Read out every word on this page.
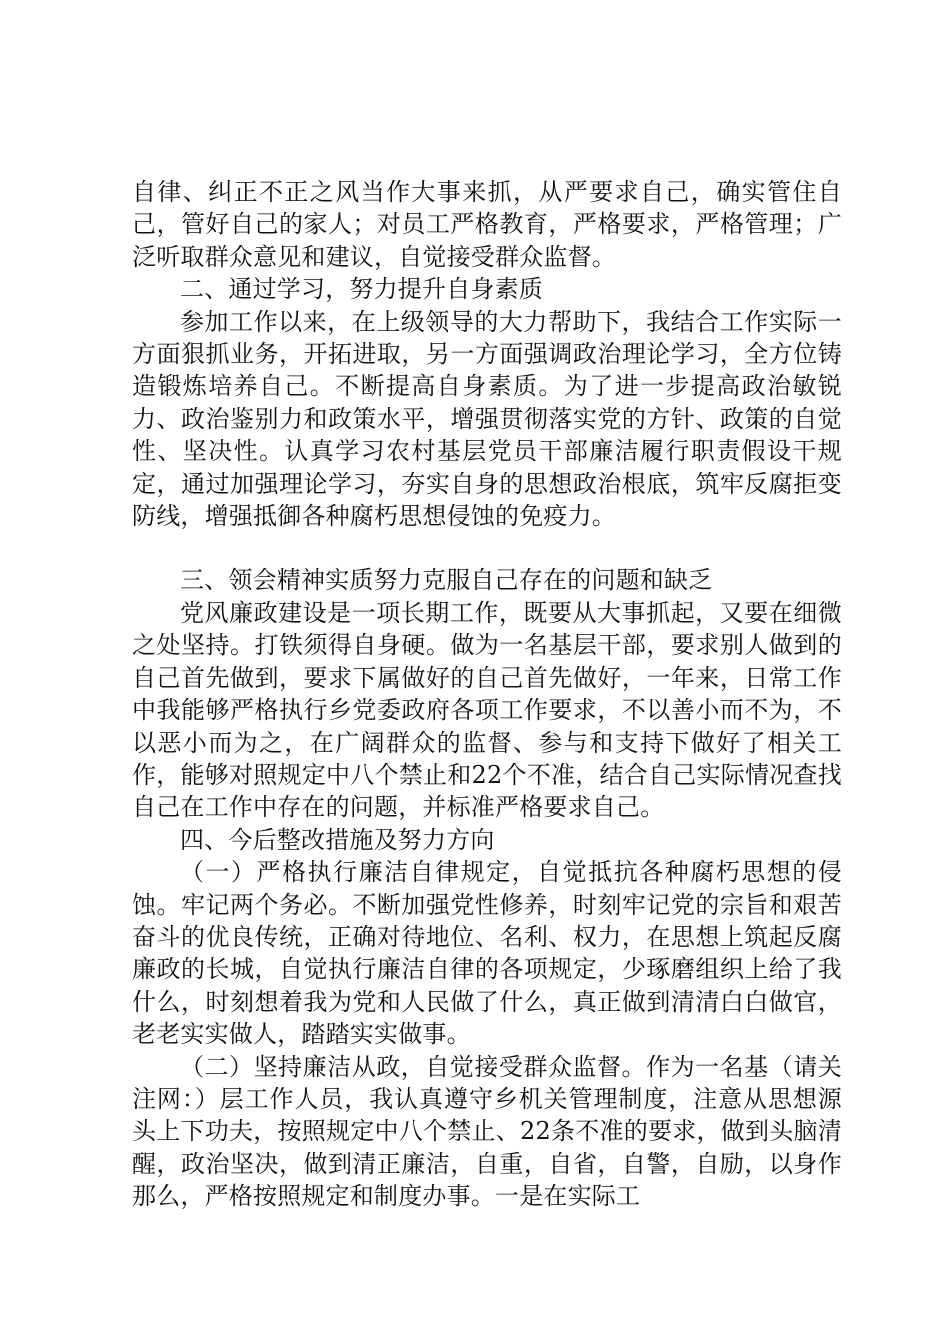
自律、纠正不正之风当作大事来抓，从严要求自己，确实管住自己，管好自己的家人；对员工严格教育，严格要求，严格管理；广泛听取群众意见和建议，自觉接受群众监督。

二、通过学习，努力提升自身素质

参加工作以来，在上级领导的大力帮助下，我结合工作实际一方面狠抓业务，开拓进取，另一方面强调政治理论学习，全方位铸造锻炼培养自己。不断提高自身素质。为了进一步提高政治敏锐力、政治鉴别力和政策水平，增强贯彻落实党的方针、政策的自觉性、坚决性。认真学习农村基层党员干部廉洁履行职责假设干规定，通过加强理论学习，夯实自身的思想政治根底，筑牢反腐拒变防线，增强抵御各种腐朽思想侵蚀的免疫力。

三、领会精神实质努力克服自己存在的问题和缺乏

党风廉政建设是一项长期工作，既要从大事抓起，又要在细微之处坚持。打铁须得自身硬。做为一名基层干部，要求别人做到的自己首先做到，要求下属做好的自己首先做好，一年来，日常工作中我能够严格执行乡党委政府各项工作要求，不以善小而不为，不以恶小而为之，在广阔群众的监督、参与和支持下做好了相关工作，能够对照规定中八个禁止和22个不准，结合自己实际情况查找自己在工作中存在的问题，并标准严格要求自己。

四、今后整改措施及努力方向

（一）严格执行廉洁自律规定，自觉抵抗各种腐朽思想的侵蚀。牢记两个务必。不断加强党性修养，时刻牢记党的宗旨和艰苦奋斗的优良传统，正确对待地位、名利、权力，在思想上筑起反腐廉政的长城，自觉执行廉洁自律的各项规定，少琢磨组织上给了我什么，时刻想着我为党和人民做了什么，真正做到清清白白做官，老老实实做人，踏踏实实做事。

（二）坚持廉洁从政，自觉接受群众监督。作为一名基（请关注网：）层工作人员，我认真遵守乡机关管理制度，注意从思想源头上下功夫，按照规定中八个禁止、22条不准的要求，做到头脑清醒，政治坚决，做到清正廉洁，自重，自省，自警，自励，以身作那么，严格按照规定和制度办事。一是在实际工
